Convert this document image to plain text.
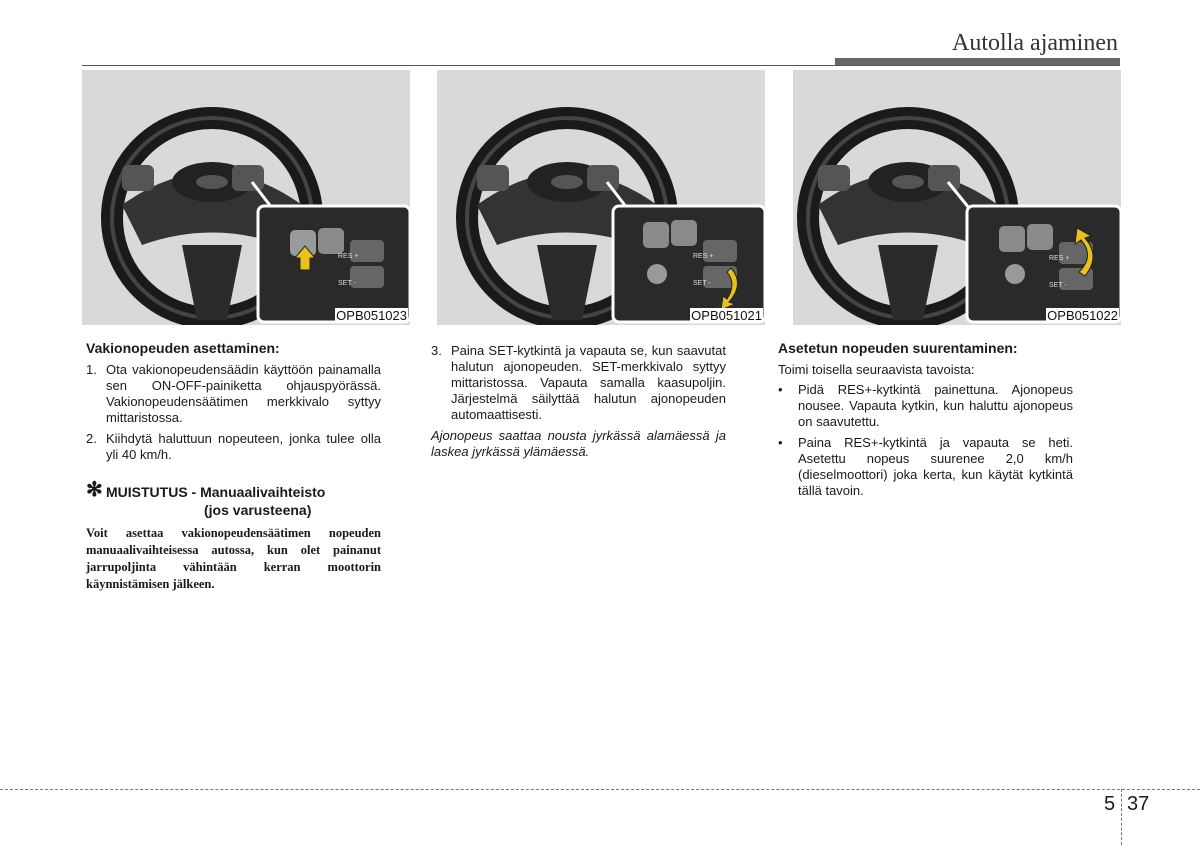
Autolla ajaminen
RES +
SET -
OPB051023
RES +
SET -
OPB051021
RES +
SET -
OPB051022
Vakionopeuden asettaminen:
1. Ota vakionopeudensäädin käyttöön painamalla sen ON-OFF-painiketta ohjauspyörässä. Vakionopeudensäätimen merkkivalo syttyy mittaristossa.
2. Kiihdytä haluttuun nopeuteen, jonka tulee olla yli 40 km/h.
✻ MUISTUTUS - Manuaalivaihteisto
(jos varusteena)
Voit asettaa vakionopeudensäätimen nopeuden manuaalivaihteisessa autossa, kun olet painanut jarrupoljinta vähintään kerran moottorin käynnistämisen jälkeen.
3. Paina SET-kytkintä ja vapauta se, kun saavutat halutun ajonopeuden. SET-merkkivalo syttyy mittaristossa. Vapauta samalla kaasupoljin. Järjestelmä säilyttää halutun ajonopeuden automaattisesti.
Ajonopeus saattaa nousta jyrkässä alamäessä ja laskea jyrkässä ylämäessä.
Asetetun nopeuden suurentaminen:
Toimi toisella seuraavista tavoista:
• Pidä RES+-kytkintä painettuna. Ajonopeus nousee. Vapauta kytkin, kun haluttu ajonopeus on saavutettu.
• Paina RES+-kytkintä ja vapauta se heti. Asetettu nopeus suurenee 2,0 km/h (dieselmoottori) joka kerta, kun käytät kytkintä tällä tavoin.
5 37
